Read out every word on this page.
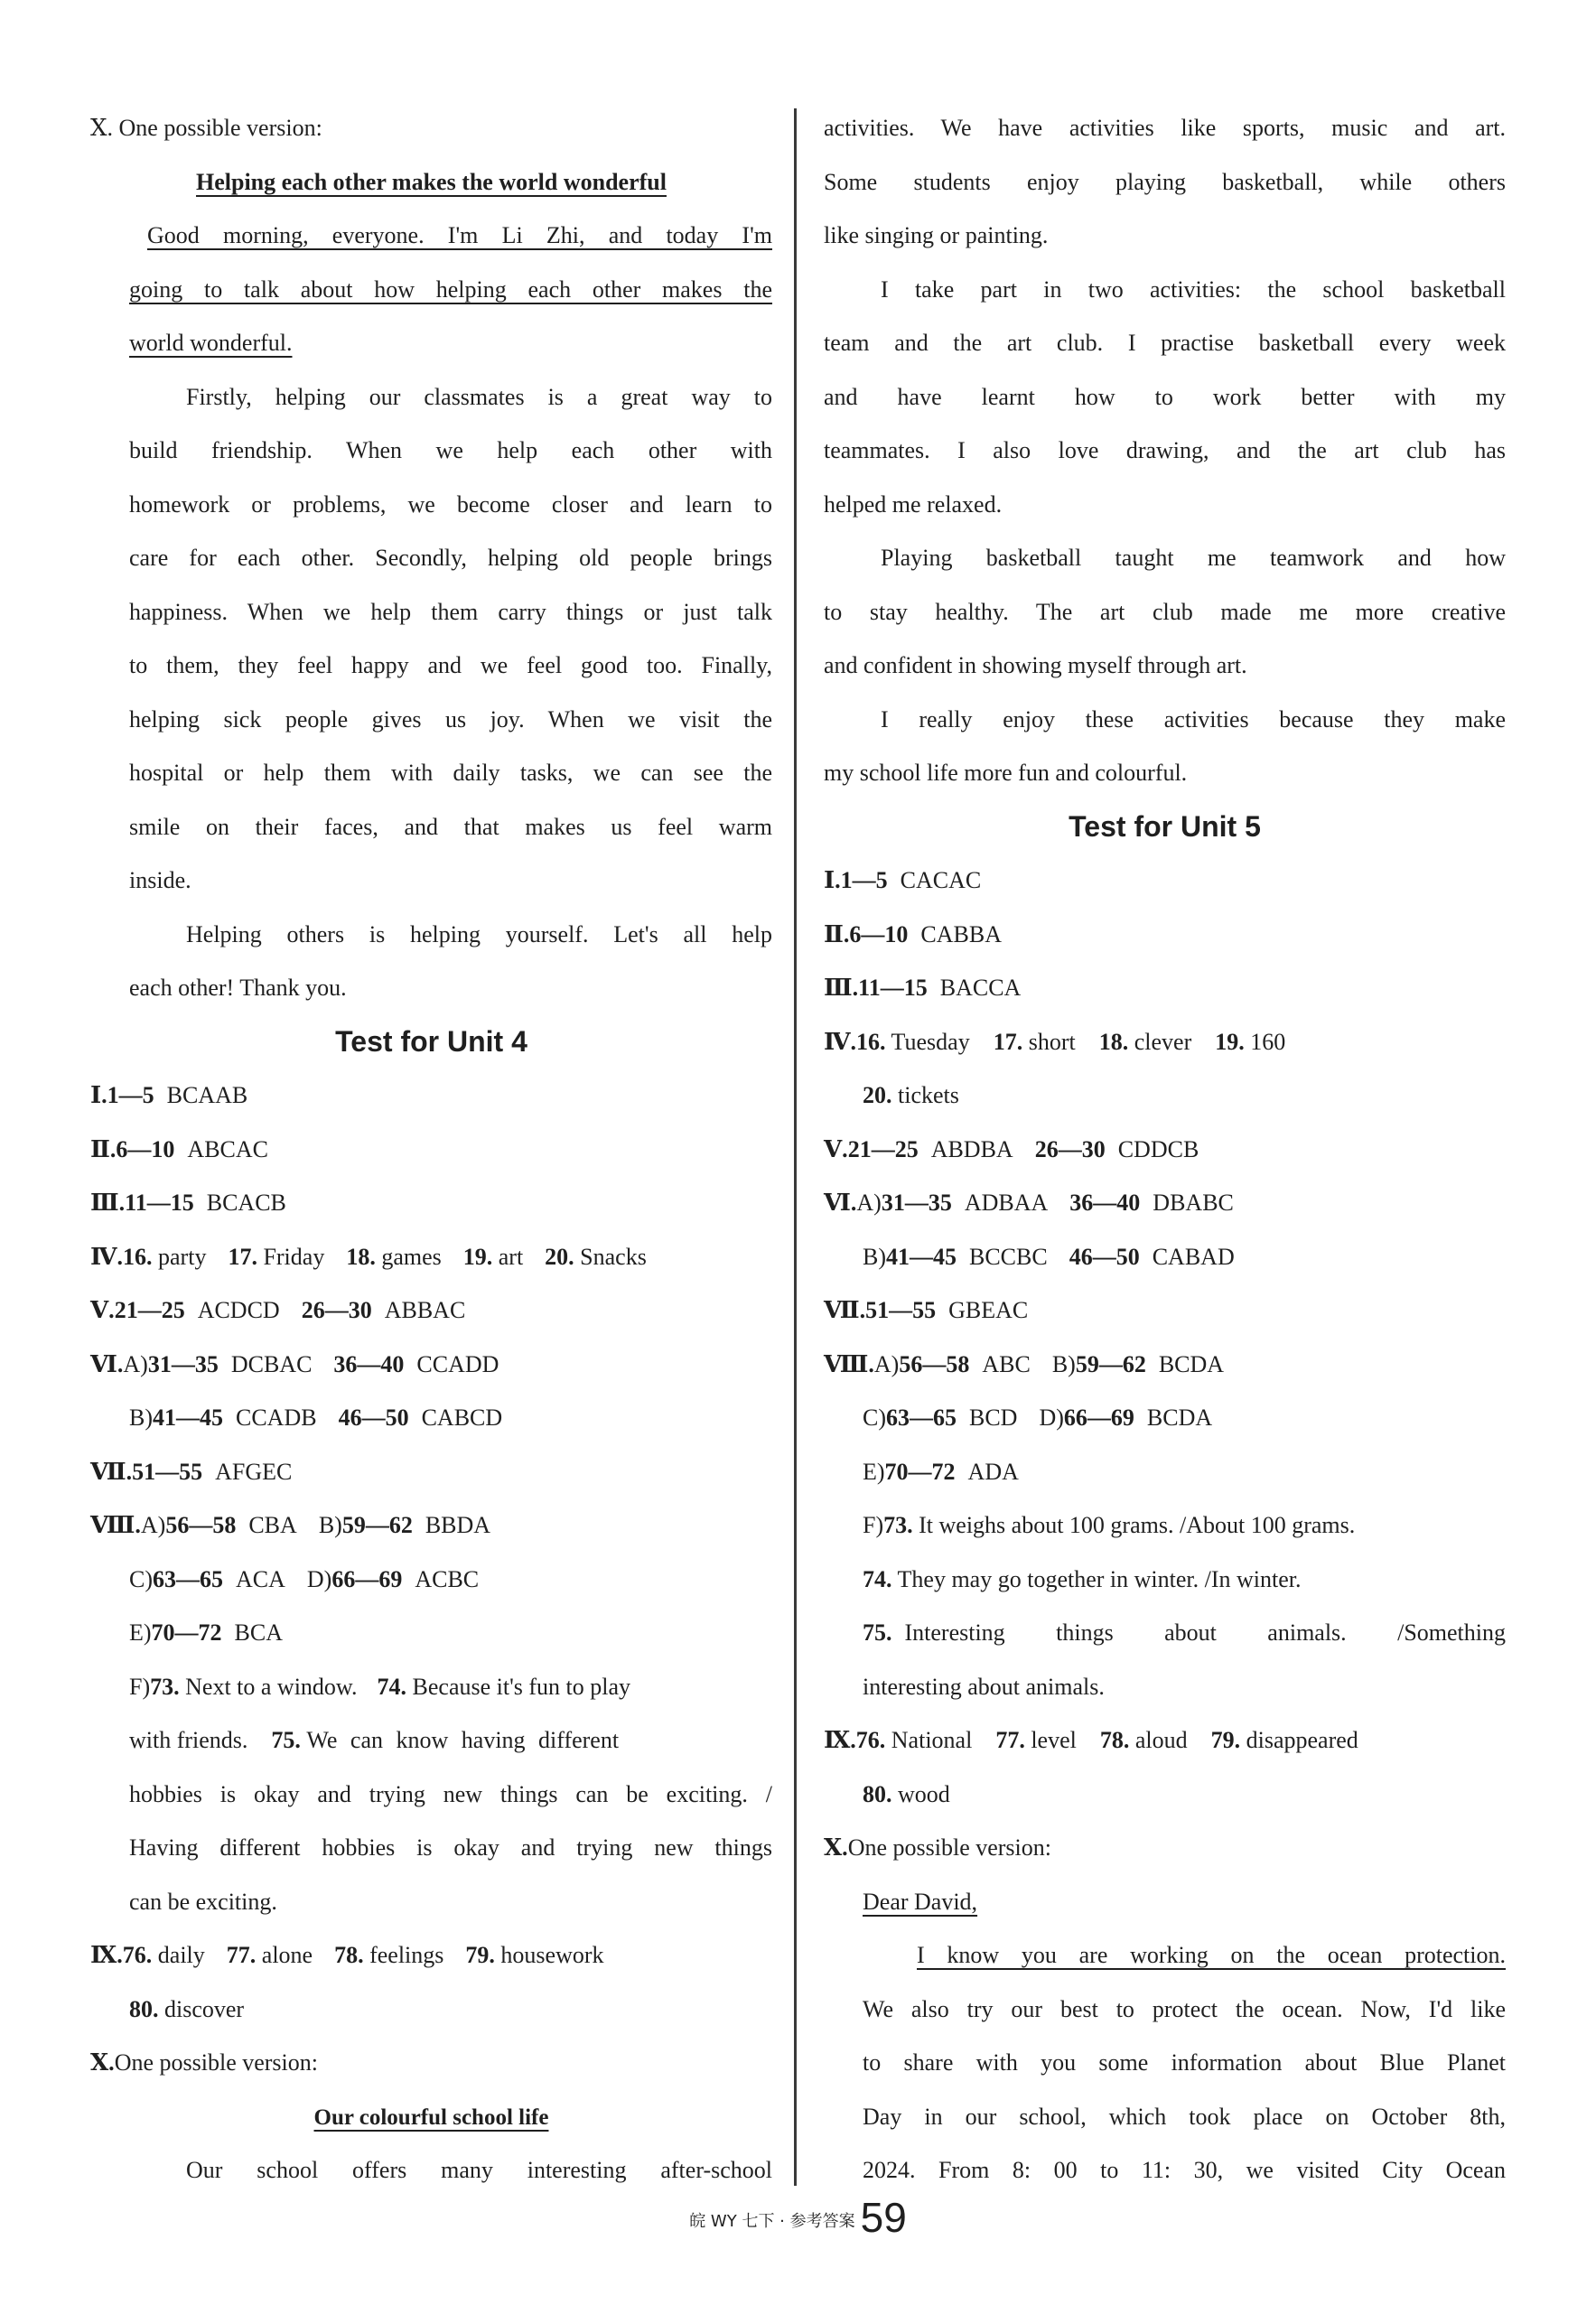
Ⅹ. One possible version:
Helping each other makes the world wonderful
Good morning, everyone. I'm Li Zhi, and today I'm
going to talk about how helping each other makes the
world wonderful.
Firstly, helping our classmates is a great way to
build friendship. When we help each other with
homework or problems, we become closer and learn to
care for each other. Secondly, helping old people brings
happiness. When we help them carry things or just talk
to them, they feel happy and we feel good too. Finally,
helping sick people gives us joy. When we visit the
hospital or help them with daily tasks, we can see the
smile on their faces, and that makes us feel warm
inside.
Helping others is helping yourself. Let's all help
each other! Thank you.
Test for Unit 4
Ⅰ.1—5 BCAAB
Ⅱ.6—10 ABCAC
Ⅲ.11—15 BCACB
Ⅳ.16. party 17. Friday 18. games 19. art 20. Snacks
Ⅴ.21—25 ACDCD 26—30 ABBAC
Ⅵ.A)31—35 DCBAC 36—40 CCADD
B)41—45 CCADB 46—50 CABCD
Ⅶ.51—55 AFGEC
Ⅷ.A)56—58 CBA B)59—62 BBDA
C)63—65 ACA D)66—69 ACBC
E)70—72 BCA
F)73. Next to a window. 74. Because it's fun to play
with friends. 75. We can know having different
hobbies is okay and trying new things can be exciting. /
Having different hobbies is okay and trying new things
can be exciting.
Ⅸ.76. daily 77. alone 78. feelings 79. housework
80. discover
Ⅹ.One possible version:
Our colourful school life
Our school offers many interesting after-school
activities. We have activities like sports, music and art.
Some students enjoy playing basketball, while others
like singing or painting.
I take part in two activities: the school basketball
team and the art club. I practise basketball every week
and have learnt how to work better with my
teammates. I also love drawing, and the art club has
helped me relaxed.
Playing basketball taught me teamwork and how
to stay healthy. The art club made me more creative
and confident in showing myself through art.
I really enjoy these activities because they make
my school life more fun and colourful.
Test for Unit 5
Ⅰ.1—5 CACAC
Ⅱ.6—10 CABBA
Ⅲ.11—15 BACCA
Ⅳ.16. Tuesday 17. short 18. clever 19. 160
20. tickets
Ⅴ.21—25 ABDBA 26—30 CDDCB
Ⅵ.A)31—35 ADBAA 36—40 DBABC
B)41—45 BCCBC 46—50 CABAD
Ⅶ.51—55 GBEAC
Ⅷ.A)56—58 ABC B)59—62 BCDA
C)63—65 BCD D)66—69 BCDA
E)70—72 ADA
F)73. It weighs about 100 grams. /About 100 grams.
74. They may go together in winter. /In winter.
75. Interesting things about animals. /Something
interesting about animals.
Ⅸ.76. National 77. level 78. aloud 79. disappeared
80. wood
Ⅹ.One possible version:
Dear David,
I know you are working on the ocean protection.
We also try our best to protect the ocean. Now, I'd like
to share with you some information about Blue Planet
Day in our school, which took place on October 8th,
2024. From 8: 00 to 11: 30, we visited City Ocean
皖 WY 七下 · 参考答案 59
